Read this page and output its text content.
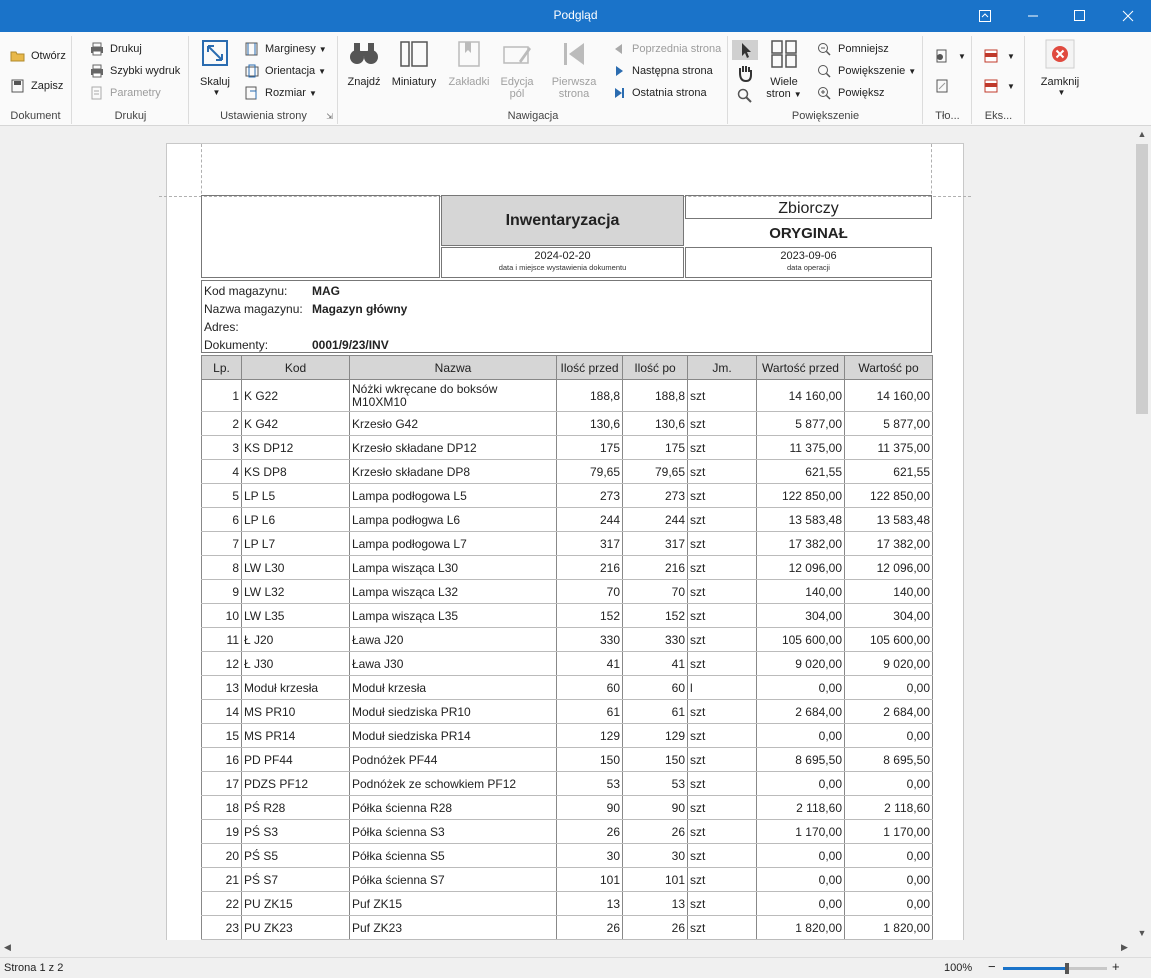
Podgląd
Otwórz
Zapisz
Dokument
Drukuj
Szybki wydruk
Parametry
Drukuj
Skaluj
▼
Marginesy ▼
Orientacja ▼
Rozmiar ▼
Ustawienia strony	⇲
Znajdź	Miniatury	Zakładki	Edycja
pól
Pierwsza
strona
Poprzednia strona
Następna strona
Ostatnia strona
Nawigacja
Wiele
stron ▼
Pomniejsz
Powiększenie ▼
Powiększ
Powiększenie
▼
Tło...
▼
▼
Eks...
Zamknij
▼
Inwentaryzacja
Zbiorczy
ORYGINAŁ
2024-02-20
data i miejsce wystawienia dokumentu
2023-09-06
data operacji
Kod magazynu: MAG
Nazwa magazynu: Magazyn główny
Adres:
Dokumenty:	0001/9/23/INV
Lp.	Kod	Nazwa	Ilość przed	Ilość po	Jm.	Wartość przed	Wartość po
1	K G22	Nóżki wkręcane do boksów M10XM10	188,8	188,8	szt	14 160,00	14 160,00
2	K G42	Krzesło G42	130,6	130,6	szt	5 877,00	5 877,00
3	KS DP12	Krzesło składane DP12	175	175	szt	11 375,00	11 375,00
4	KS DP8	Krzesło składane DP8	79,65	79,65	szt	621,55	621,55
5	LP L5	Lampa podłogowa L5	273	273	szt	122 850,00	122 850,00
6	LP L6	Lampa podłogwa L6	244	244	szt	13 583,48	13 583,48
7	LP L7	Lampa podłogowa L7	317	317	szt	17 382,00	17 382,00
8	LW L30	Lampa wisząca L30	216	216	szt	12 096,00	12 096,00
9	LW L32	Lampa wisząca L32	70	70	szt	140,00	140,00
10	LW L35	Lampa wisząca L35	152	152	szt	304,00	304,00
11	Ł J20	Ława J20	330	330	szt	105 600,00	105 600,00
12	Ł J30	Ława J30	41	41	szt	9 020,00	9 020,00
13	Moduł krzesła	Moduł krzesła	60	60	l	0,00	0,00
14	MS PR10	Moduł siedziska PR10	61	61	szt	2 684,00	2 684,00
15	MS PR14	Moduł siedziska PR14	129	129	szt	0,00	0,00
16	PD PF44	Podnóżek PF44	150	150	szt	8 695,50	8 695,50
17	PDZS PF12	Podnóżek ze schowkiem PF12	53	53	szt	0,00	0,00
18	PŚ R28	Półka ścienna R28	90	90	szt	2 118,60	2 118,60
19	PŚ S3	Półka ścienna S3	26	26	szt	1 170,00	1 170,00
20	PŚ S5	Półka ścienna S5	30	30	szt	0,00	0,00
21	PŚ S7	Półka ścienna S7	101	101	szt	0,00	0,00
22	PU ZK15	Puf ZK15	13	13	szt	0,00	0,00
23	PU ZK23	Puf ZK23	26	26	szt	1 820,00	1 820,00
▲
▼
◀	▶
Strona 1 z 2	100% −	+
